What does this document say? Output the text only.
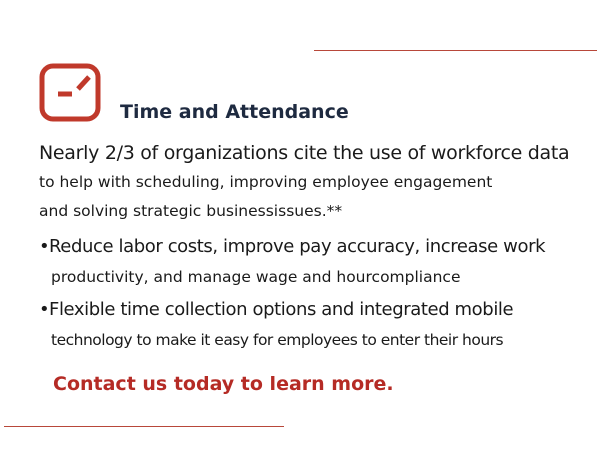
Time and Attendance
Nearly 2/3 of organizations cite the use of workforce data
to help with scheduling, improving employee engagement
and solving strategic businessissues.**
•Reduce labor costs, improve pay accuracy, increase work
productivity, and manage wage and hourcompliance
•Flexible time collection options and integrated mobile
technology to make it easy for employees to enter their hours
Contact us today to learn more.
